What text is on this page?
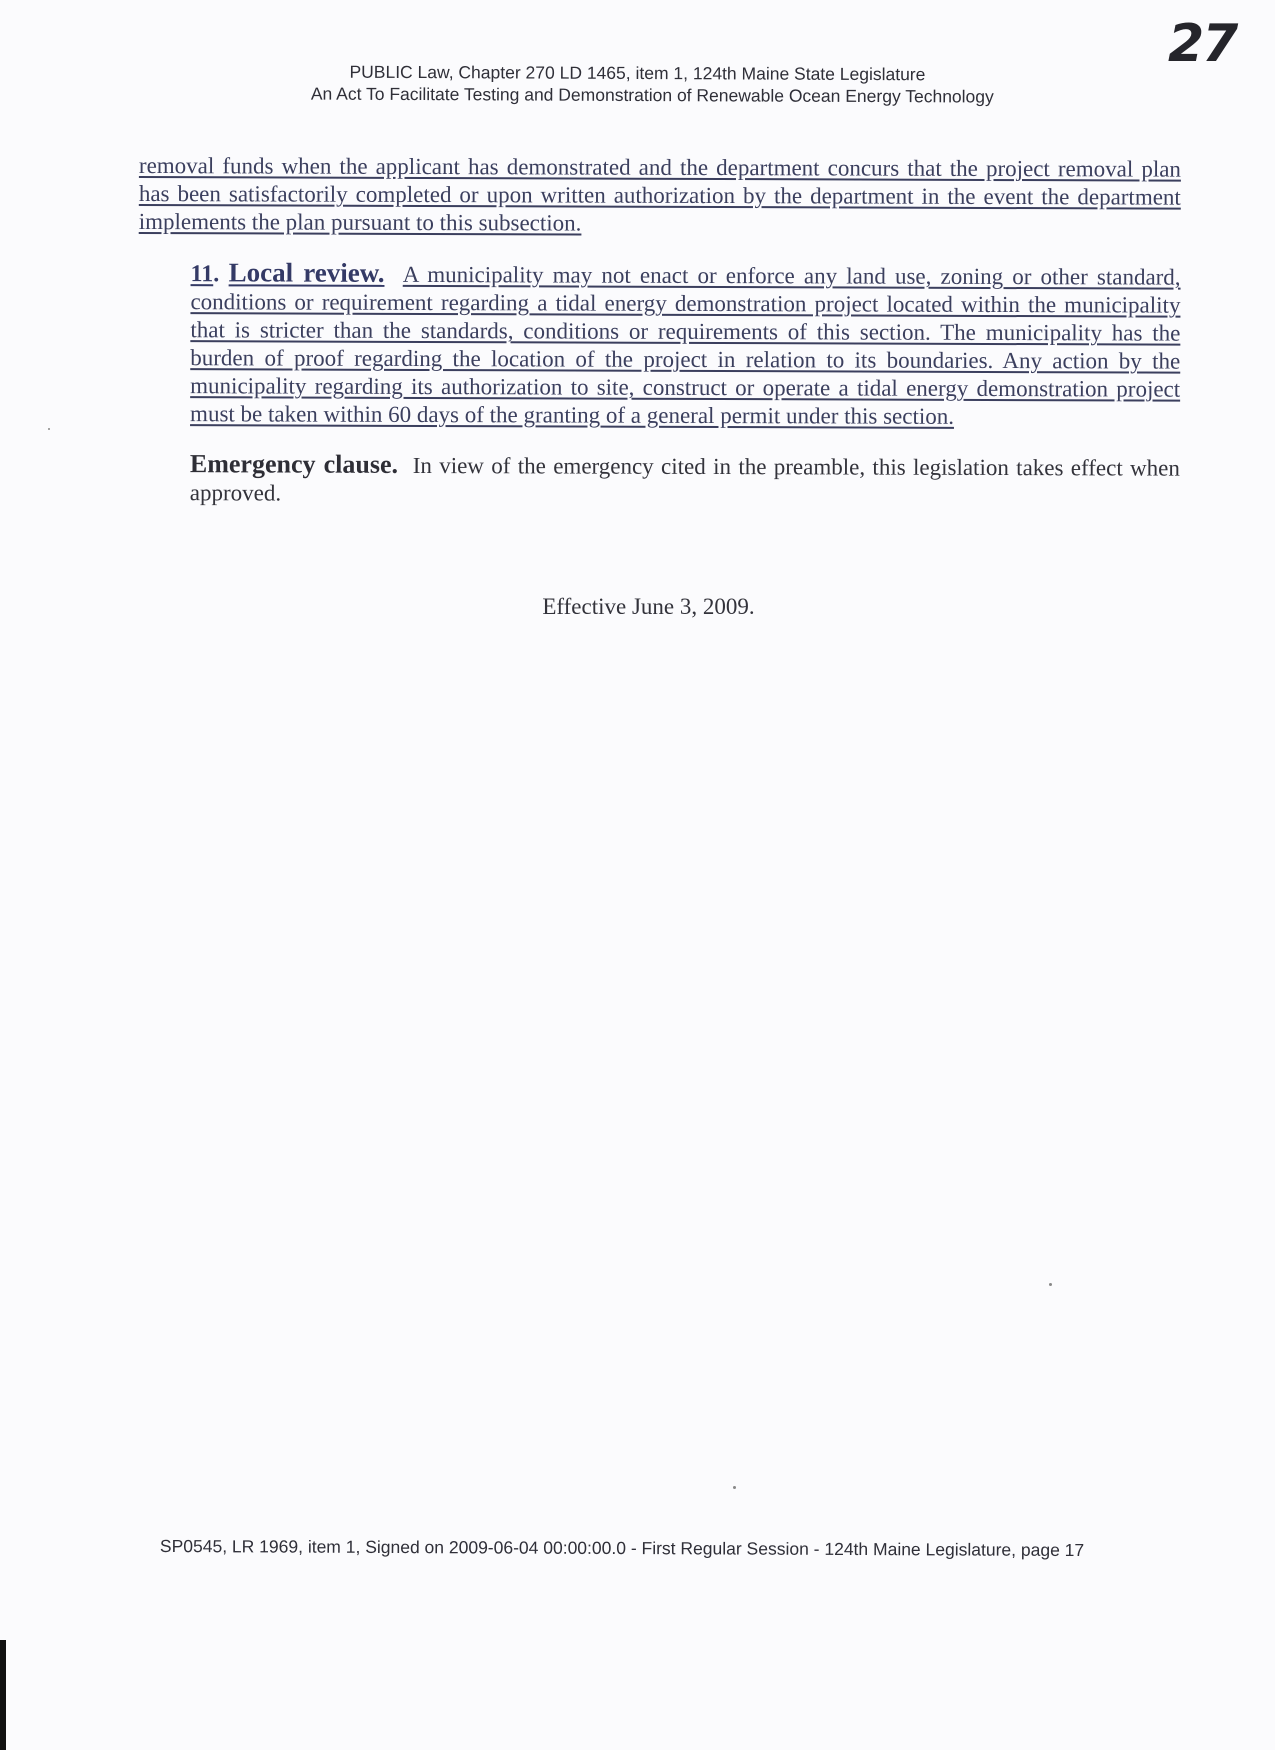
27
PUBLIC Law, Chapter 270 LD 1465, item 1, 124th Maine State Legislature
An Act To Facilitate Testing and Demonstration of Renewable Ocean Energy Technology

removal funds when the applicant has demonstrated and the department concurs that the project removal plan has been satisfactorily completed or upon written authorization by the department in the event the department implements the plan pursuant to this subsection.

11. Local review. A municipality may not enact or enforce any land use, zoning or other standard, conditions or requirement regarding a tidal energy demonstration project located within the municipality that is stricter than the standards, conditions or requirements of this section. The municipality has the burden of proof regarding the location of the project in relation to its boundaries. Any action by the municipality regarding its authorization to site, construct or operate a tidal energy demonstration project must be taken within 60 days of the granting of a general permit under this section.

Emergency clause. In view of the emergency cited in the preamble, this legislation takes effect when approved.

Effective June 3, 2009.
SP0545, LR 1969, item 1, Signed on 2009-06-04 00:00:00.0 - First Regular Session - 124th Maine Legislature, page 17
